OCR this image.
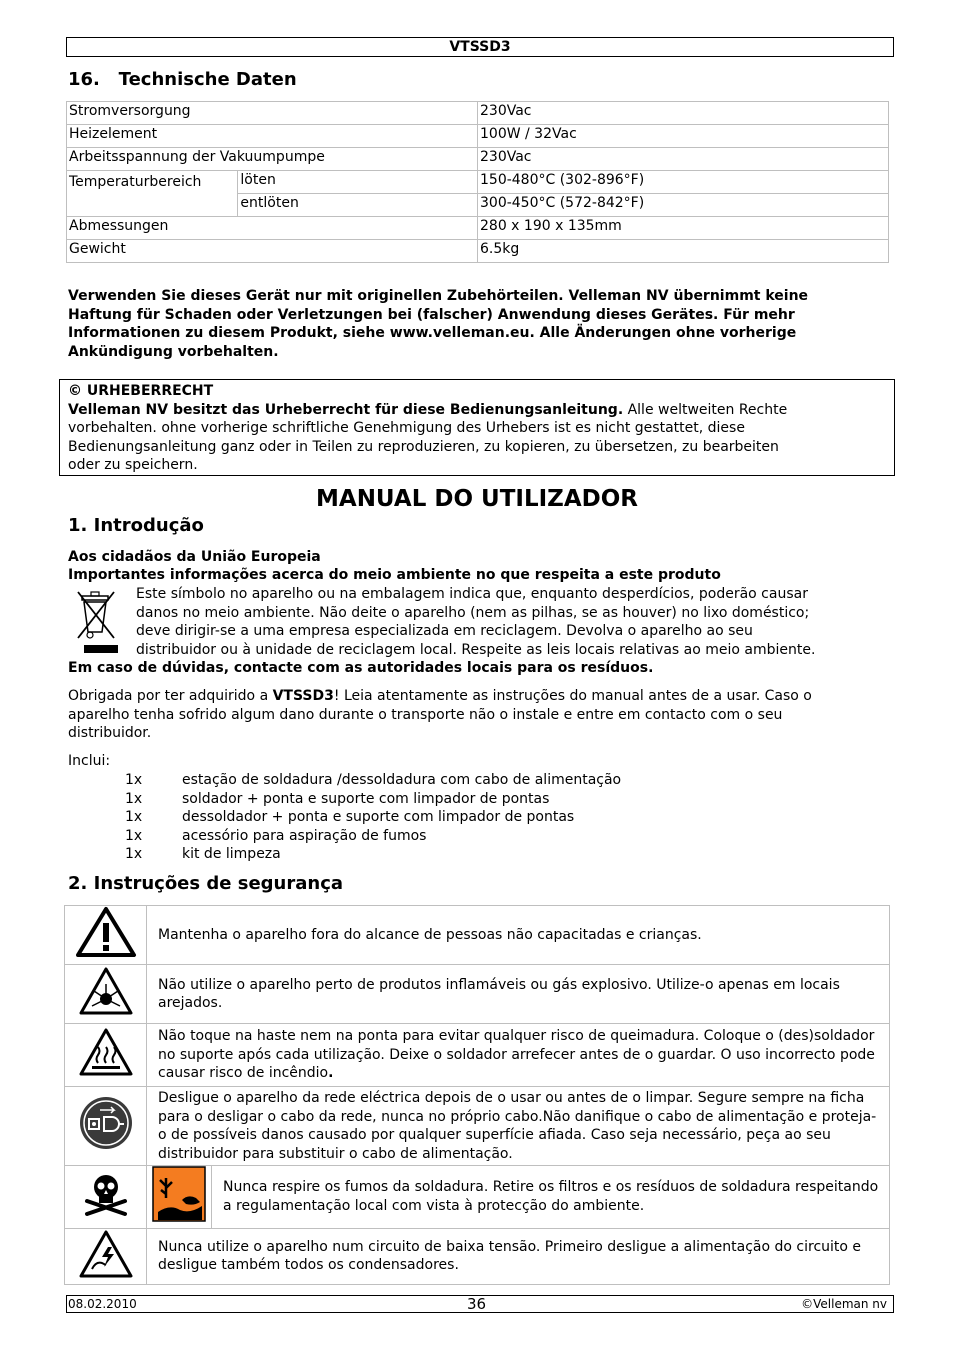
VTSSD3
16.   Technische Daten
Stromversorgung		230Vac
Heizelement		100W / 32Vac
Arbeitsspannung der Vakuumpumpe		230Vac
Temperaturbereich	löten	150-480°C (302-896°F)
	entlöten	300-450°C (572-842°F)
Abmessungen		280 x 190 x 135mm
Gewicht		6.5kg
Verwenden Sie dieses Gerät nur mit originellen Zubehörteilen. Velleman NV übernimmt keine
Haftung für Schaden oder Verletzungen bei (falscher) Anwendung dieses Gerätes. Für mehr
Informationen zu diesem Produkt, siehe www.velleman.eu. Alle Änderungen ohne vorherige
Ankündigung vorbehalten.
© URHEBERRECHT
Velleman NV besitzt das Urheberrecht für diese Bedienungsanleitung. Alle weltweiten Rechte
vorbehalten. ohne vorherige schriftliche Genehmigung des Urhebers ist es nicht gestattet, diese
Bedienungsanleitung ganz oder in Teilen zu reproduzieren, zu kopieren, zu übersetzen, zu bearbeiten
oder zu speichern.
MANUAL DO UTILIZADOR
1. Introdução
Aos cidadãos da União Europeia
Importantes informações acerca do meio ambiente no que respeita a este produto
Este símbolo no aparelho ou na embalagem indica que, enquanto desperdícios, poderão causar
danos no meio ambiente. Não deite o aparelho (nem as pilhas, se as houver) no lixo doméstico;
deve dirigir-se a uma empresa especializada em reciclagem. Devolva o aparelho ao seu
distribuidor ou à unidade de reciclagem local. Respeite as leis locais relativas ao meio ambiente.
Em caso de dúvidas, contacte com as autoridades locais para os resíduos.
Obrigada por ter adquirido a VTSSD3! Leia atentamente as instruções do manual antes de a usar. Caso o
aparelho tenha sofrido algum dano durante o transporte não o instale e entre em contacto com o seu
distribuidor.
Inclui:
1x	estação de soldadura /dessoldadura com cabo de alimentação
1x	soldador + ponta e suporte com limpador de pontas
1x	dessoldador + ponta e suporte com limpador de pontas
1x	acessório para aspiração de fumos
1x	kit de limpeza
2. Instruções de segurança
	Mantenha o aparelho fora do alcance de pessoas não capacitadas e crianças.	
	Não utilize o aparelho perto de produtos inflamáveis ou gás explosivo. Utilize-o apenas em locais arejados.	
	Não toque na haste nem na ponta para evitar qualquer risco de queimadura. Coloque o (des)soldador no suporte após cada utilização. Deixe o soldador arrefecer antes de o guardar. O uso incorrecto pode causar risco de incêndio.	
	Desligue o aparelho da rede eléctrica depois de o usar ou antes de o limpar. Segure sempre na ficha para o desligar o cabo da rede, nunca no próprio cabo.Não danifique o cabo de alimentação e proteja-o de possíveis danos causado por qualquer superfície afiada. Caso seja necessário, peça ao seu distribuidor para substituir o cabo de alimentação.	
		Nunca respire os fumos da soldadura. Retire os filtros e os resíduos de soldadura respeitando a regulamentação local com vista à protecção do ambiente.
	Nunca utilize o aparelho num circuito de baixa tensão. Primeiro desligue a alimentação do circuito e desligue também todos os condensadores.	
08.02.2010	36	©Velleman nv
